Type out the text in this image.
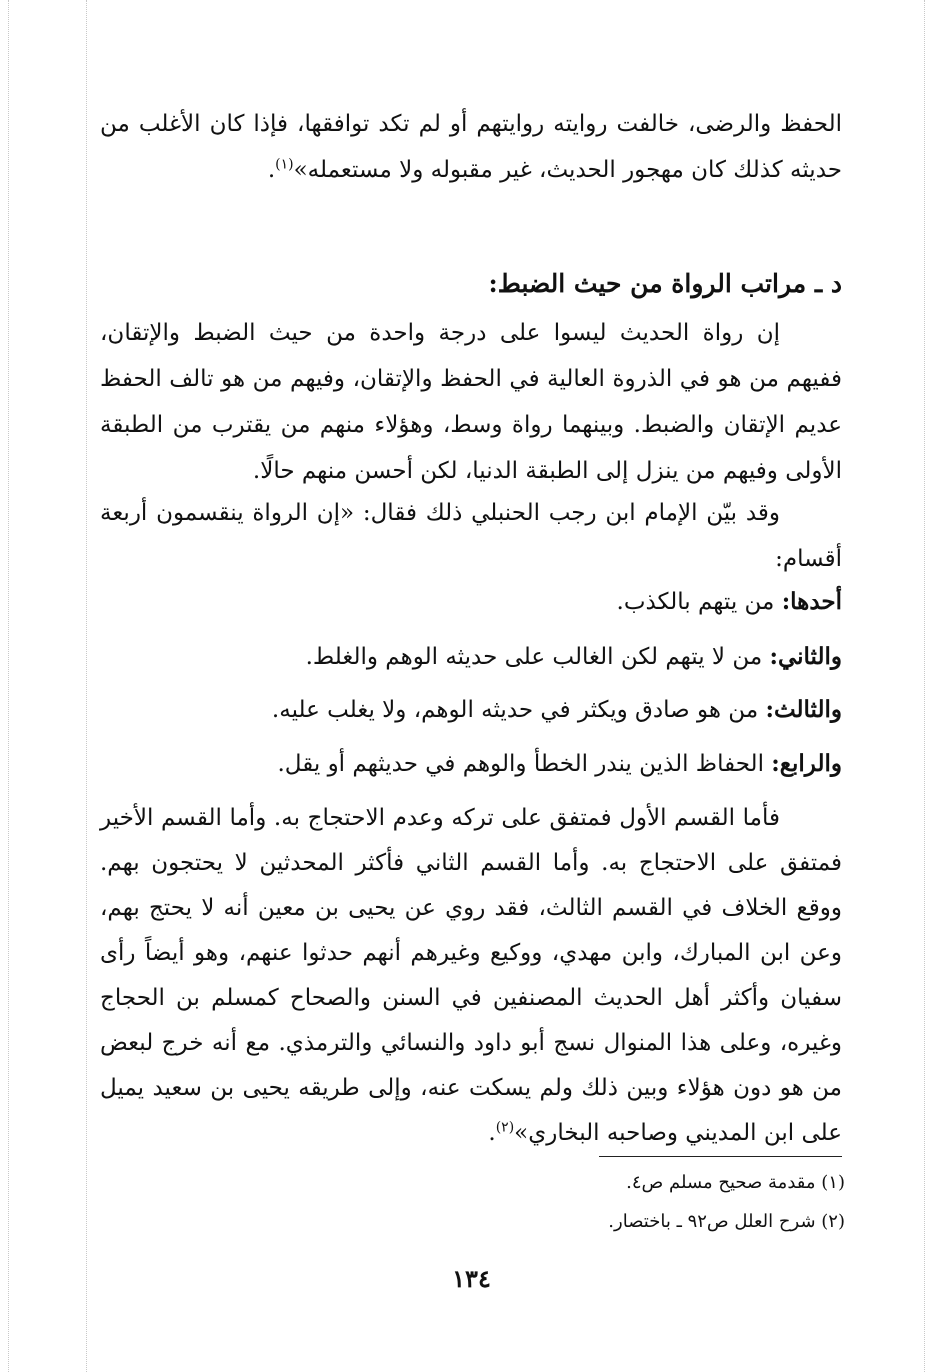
الحفظ والرضى، خالفت روايته روايتهم أو لم تكد توافقها، فإذا كان الأغلب من حديثه كذلك كان مهجور الحديث، غير مقبوله ولا مستعمله»$^{(١)}$.

د ـ مراتب الرواة من حيث الضبط:

إن رواة الحديث ليسوا على درجة واحدة من حيث الضبط والإتقان، ففيهم من هو في الذروة العالية في الحفظ والإتقان، وفيهم من هو تالف الحفظ عديم الإتقان والضبط. وبينهما رواة وسط، وهؤلاء منهم من يقترب من الطبقة الأولى وفيهم من ينزل إلى الطبقة الدنيا، لكن أحسن منهم حالًا.

وقد بيّن الإمام ابن رجب الحنبلي ذلك فقال: «إن الرواة ينقسمون أربعة أقسام:

أحدها: من يتهم بالكذب.
والثاني: من لا يتهم لكن الغالب على حديثه الوهم والغلط.
والثالث: من هو صادق ويكثر في حديثه الوهم، ولا يغلب عليه.
والرابع: الحفاظ الذين يندر الخطأ والوهم في حديثهم أو يقل.

فأما القسم الأول فمتفق على تركه وعدم الاحتجاج به. وأما القسم الأخير فمتفق على الاحتجاج به. وأما القسم الثاني فأكثر المحدثين لا يحتجون بهم. ووقع الخلاف في القسم الثالث، فقد روي عن يحيى بن معين أنه لا يحتج بهم، وعن ابن المبارك، وابن مهدي، ووكيع وغيرهم أنهم حدثوا عنهم، وهو أيضاً رأى سفيان وأكثر أهل الحديث المصنفين في السنن والصحاح كمسلم بن الحجاج وغيره، وعلى هذا المنوال نسج أبو داود والنسائي والترمذي. مع أنه خرج لبعض من هو دون هؤلاء وبين ذلك ولم يسكت عنه، وإلى طريقه يحيى بن سعيد يميل على ابن المديني وصاحبه البخاري»$^{(٢)}$.

(١) مقدمة صحيح مسلم ص٤.
(٢) شرح العلل ص٩٢ ـ باختصار.
١٣٤
